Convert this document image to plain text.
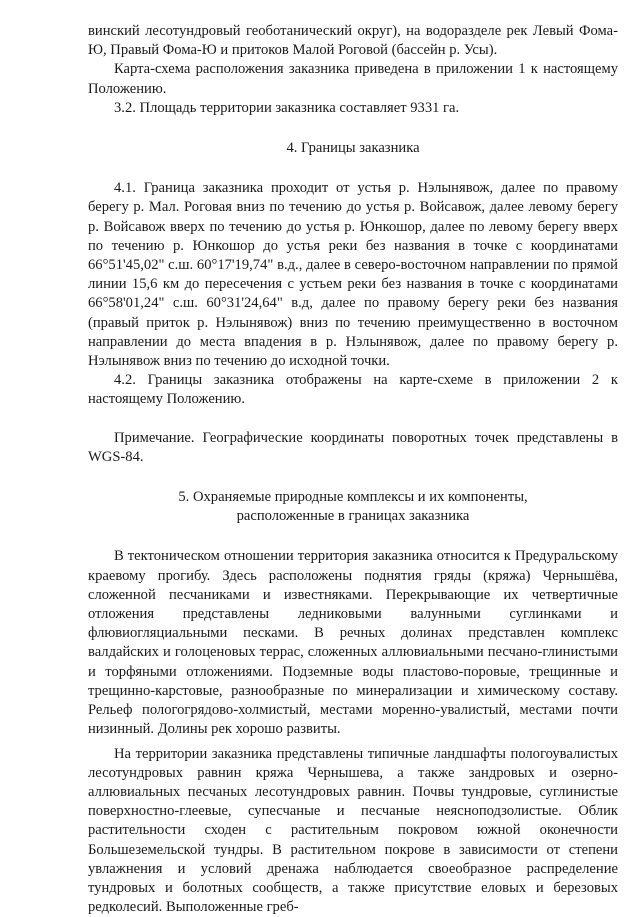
винский лесотундровый геоботанический округ), на водоразделе рек Левый Фома-Ю, Правый Фома-Ю и притоков Малой Роговой (бассейн р. Усы).

Карта-схема расположения заказника приведена в приложении 1 к настоящему Положению.

3.2. Площадь территории заказника составляет 9331 га.

4. Границы заказника

4.1. Граница заказника проходит от устья р. Нэлынявож, далее по правому берегу р. Мал. Роговая вниз по течению до устья р. Войсавож, далее левому берегу р. Войсавож вверх по течению до устья р. Юнкошор, далее по левому берегу вверх по течению р. Юнкошор до устья реки без названия в точке с координатами 66°51'45,02" с.ш. 60°17'19,74" в.д., далее в северо-восточном направлении по прямой линии 15,6 км до пересечения с устьем реки без названия в точке с координатами 66°58'01,24" с.ш. 60°31'24,64" в.д, далее по правому берегу реки без названия (правый приток р. Нэлынявож) вниз по течению преимущественно в восточном направлении до места впадения в р. Нэлынявож, далее по правому берегу р. Нэлынявож вниз по течению до исходной точки.

4.2. Границы заказника отображены на карте-схеме в приложении 2 к настоящему Положению.

Примечание. Географические координаты поворотных точек представлены в WGS-84.

5. Охраняемые природные комплексы и их компоненты,

расположенные в границах заказника

В тектоническом отношении территория заказника относится к Предуральскому краевому прогибу. Здесь расположены поднятия гряды (кряжа) Чернышёва, сложенной песчаниками и известняками. Перекрывающие их четвертичные отложения представлены ледниковыми валунными суглинками и флювиогляциальными песками. В речных долинах представлен комплекс валдайских и голоценовых террас, сложенных аллювиальными песчано-глинистыми и торфяными отложениями. Подземные воды пластово-поровые, трещинные и трещинно-карстовые, разнообразные по минерализации и химическому составу. Рельеф пологогрядово-холмистый, местами моренно-увалистый, местами почти низинный. Долины рек хорошо развиты.

На территории заказника представлены типичные ландшафты пологоувалистых лесотундровых равнин кряжа Чернышева, а также зандровых и озерно-аллювиальных песчаных лесотундровых равнин. Почвы тундровые, суглинистые поверхностно-глеевые, супесчаные и песчаные неясноподзолистые. Облик растительности сходен с растительным покровом южной оконечности Большеземельской тундры. В растительном покрове в зависимости от степени увлажнения и условий дренажа наблюдается своеобразное распределение тундровых и болотных сообществ, а также присутствие еловых и березовых редколесий. Выположенные греб-
